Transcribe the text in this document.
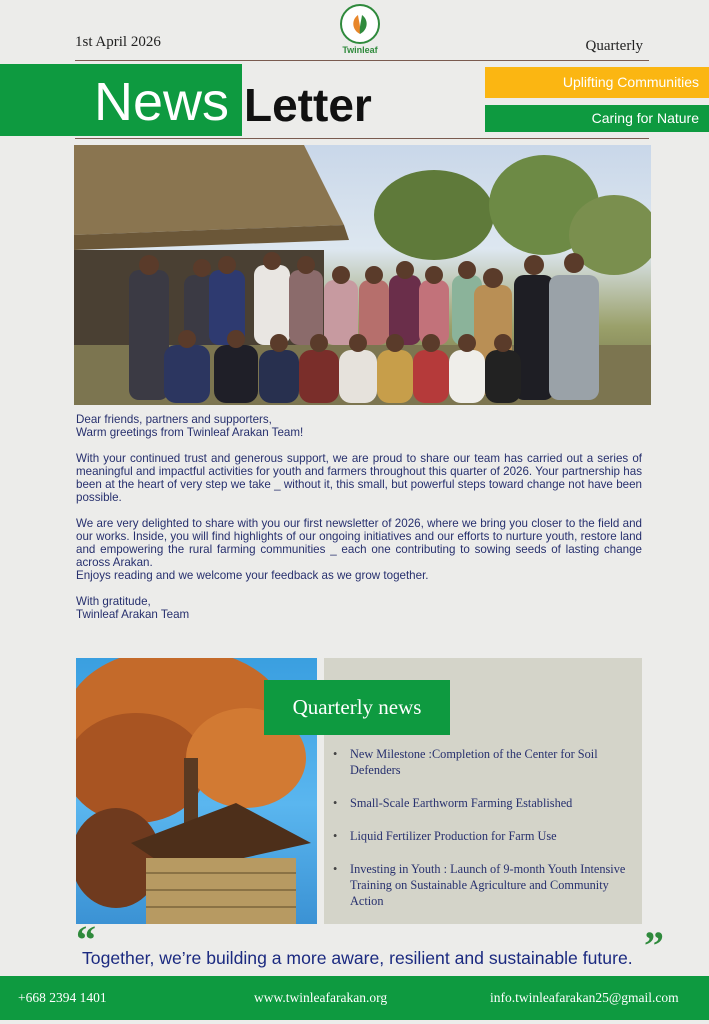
1st April 2026	Twinleaf	Quarterly
News Letter	Uplifting Communities
Caring for Nature

Dear friends, partners and supporters,

Warm greetings from Twinleaf Arakan Team!

With your continued trust and generous support, we are proud to share our team has carried out a series of meaningful and impactful activities for youth and farmers throughout this quarter of 2026. Your partnership has been at the heart of very step we take _ without it, this small, but powerful steps toward change not have been possible.

We are very delighted to share with you our first newsletter of 2026, where we bring you closer to the field and our works. Inside, you will find highlights of our ongoing initiatives and our efforts to nurture youth, restore land and empowering the rural farming communities _ each one contributing to sowing seeds of lasting change across Arakan.

Enjoys reading and we welcome your feedback as we grow together.

With gratitude,

Twinleaf Arakan Team

Quarterly news
• New Milestone :Completion of the Center for Soil Defenders
• Small-Scale Earthworm Farming Established
• Liquid Fertilizer Production for Farm Use
• Investing in Youth : Launch of 9-month Youth Intensive Training on Sustainable Agriculture and Community Action
“
Together, we’re building a more aware, resilient and sustainable future. ”
+668 2394 1401	www.twinleafarakan.org	info.twinleafarakan25@gmail.com
